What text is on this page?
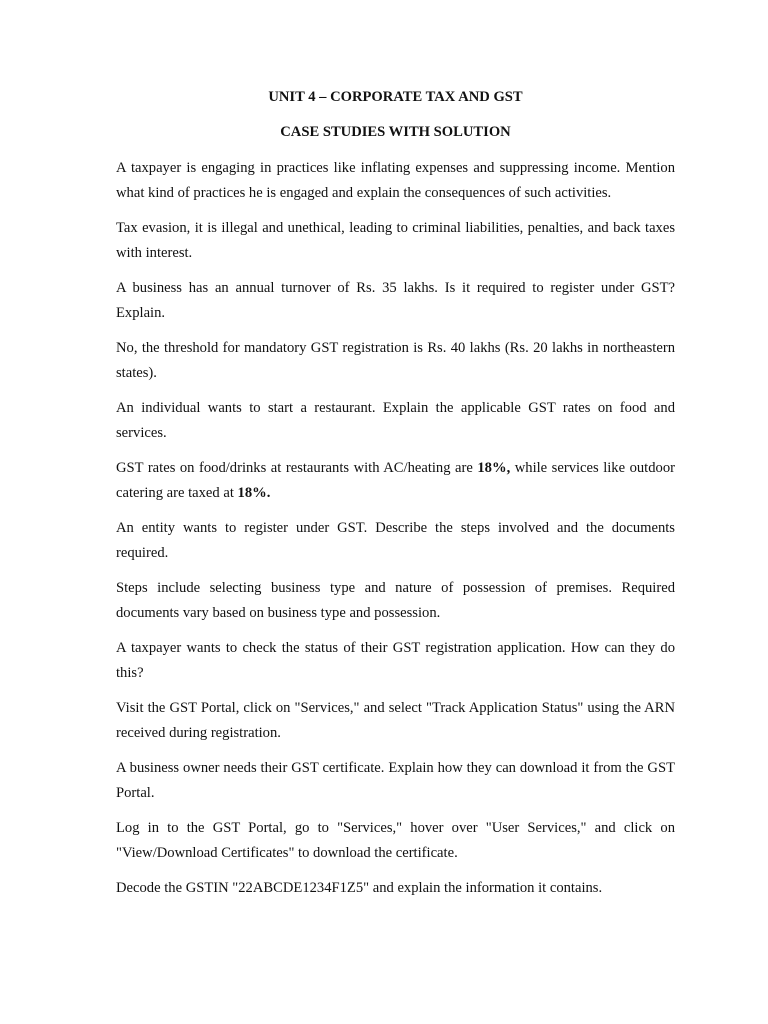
UNIT 4 – CORPORATE TAX AND GST

CASE STUDIES WITH SOLUTION

A taxpayer is engaging in practices like inflating expenses and suppressing income. Mention what kind of practices he is engaged and explain the consequences of such activities.

Tax evasion, it is illegal and unethical, leading to criminal liabilities, penalties, and back taxes with interest.

A business has an annual turnover of Rs. 35 lakhs. Is it required to register under GST? Explain.

No, the threshold for mandatory GST registration is Rs. 40 lakhs (Rs. 20 lakhs in northeastern states).

An individual wants to start a restaurant. Explain the applicable GST rates on food and services.

GST rates on food/drinks at restaurants with AC/heating are 18%, while services like outdoor catering are taxed at 18%.

An entity wants to register under GST. Describe the steps involved and the documents required.

Steps include selecting business type and nature of possession of premises. Required documents vary based on business type and possession.

A taxpayer wants to check the status of their GST registration application. How can they do this?

Visit the GST Portal, click on "Services," and select "Track Application Status" using the ARN received during registration.

A business owner needs their GST certificate. Explain how they can download it from the GST Portal.

Log in to the GST Portal, go to "Services," hover over "User Services," and click on "View/Download Certificates" to download the certificate.

Decode the GSTIN "22ABCDE1234F1Z5" and explain the information it contains.
